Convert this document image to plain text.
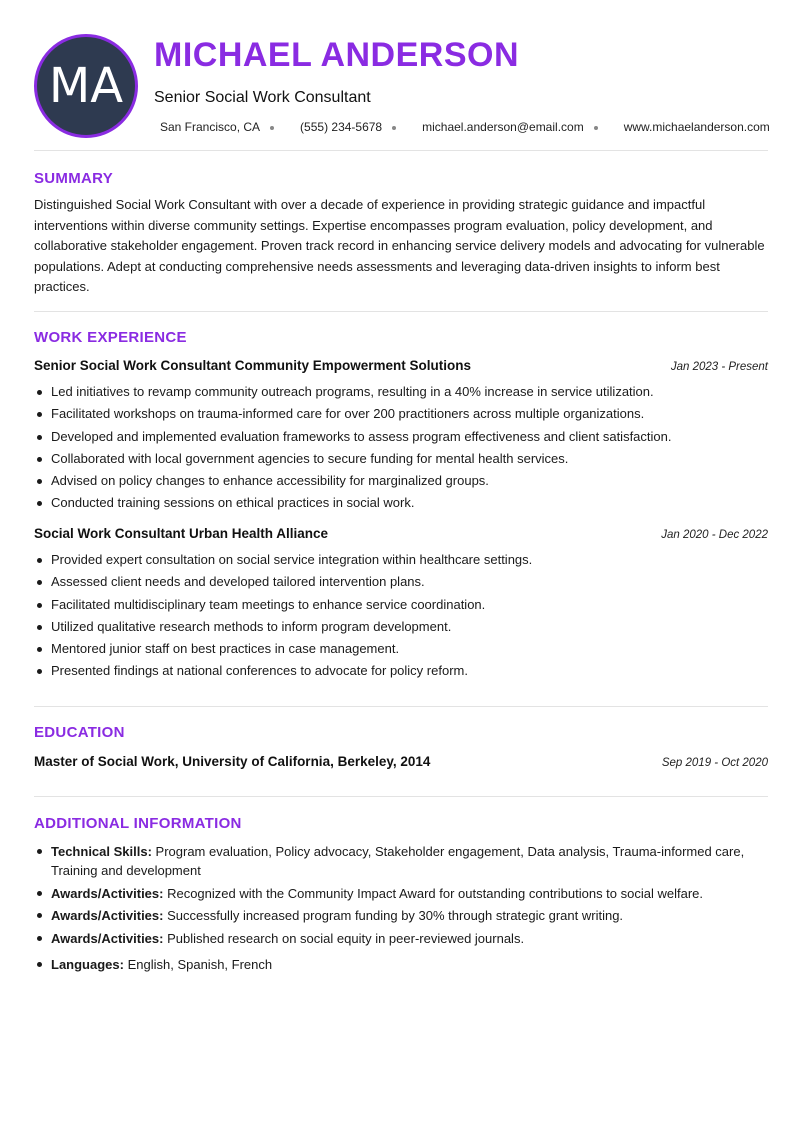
MA
MICHAEL ANDERSON
Senior Social Work Consultant
San Francisco, CA	(555) 234-5678	michael.anderson@email.com	www.michaelanderson.com
SUMMARY

Distinguished Social Work Consultant with over a decade of experience in providing strategic guidance and impactful interventions within diverse community settings. Expertise encompasses program evaluation, policy development, and collaborative stakeholder engagement. Proven track record in enhancing service delivery models and advocating for vulnerable populations. Adept at conducting comprehensive needs assessments and leveraging data-driven insights to inform best practices.

WORK EXPERIENCE
Senior Social Work Consultant Community Empowerment Solutions	Jan 2023 - Present
Led initiatives to revamp community outreach programs, resulting in a 40% increase in service utilization.
Facilitated workshops on trauma-informed care for over 200 practitioners across multiple organizations.
Developed and implemented evaluation frameworks to assess program effectiveness and client satisfaction.
Collaborated with local government agencies to secure funding for mental health services.
Advised on policy changes to enhance accessibility for marginalized groups.
Conducted training sessions on ethical practices in social work.
Social Work Consultant Urban Health Alliance	Jan 2020 - Dec 2022
Provided expert consultation on social service integration within healthcare settings.
Assessed client needs and developed tailored intervention plans.
Facilitated multidisciplinary team meetings to enhance service coordination.
Utilized qualitative research methods to inform program development.
Mentored junior staff on best practices in case management.
Presented findings at national conferences to advocate for policy reform.
EDUCATION
Master of Social Work, University of California, Berkeley, 2014	Sep 2019 - Oct 2020
ADDITIONAL INFORMATION
Technical Skills: Program evaluation, Policy advocacy, Stakeholder engagement, Data analysis, Trauma-informed care, Training and development
Awards/Activities: Recognized with the Community Impact Award for outstanding contributions to social welfare.
Awards/Activities: Successfully increased program funding by 30% through strategic grant writing.
Awards/Activities: Published research on social equity in peer-reviewed journals.
Languages: English, Spanish, French
